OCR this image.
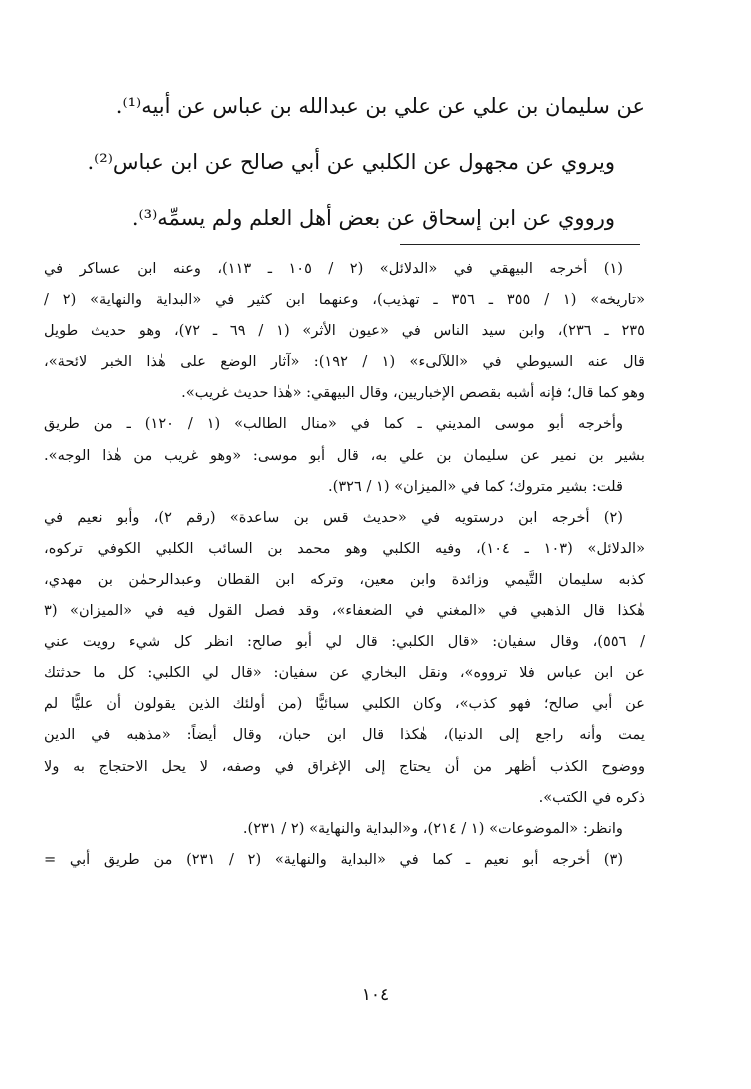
عن سليمان بن علي عن علي بن عبدالله بن عباس عن أبيه⁽¹⁾.

ويروي عن مجهول عن الكلبي عن أبي صالح عن ابن عباس⁽²⁾.

ورووي عن ابن إسحاق عن بعض أهل العلم ولم يسمِّه⁽³⁾.

(١) أخرجه البيهقي في «الدلائل» (٢ / ١٠٥ ـ ١١٣)، وعنه ابن عساكر في

«تاريخه» (١ / ٣٥٥ ـ ٣٥٦ ـ تهذيب)، وعنهما ابن كثير في «البداية والنهاية» (٢ /

٢٣٥ ـ ٢٣٦)، وابن سيد الناس في «عيون الأثر» (١ / ٦٩ ـ ٧٢)، وهو حديث طويل

قال عنه السيوطي في «اللآلىء» (١ / ١٩٢): «آثار الوضع على هٰذا الخبر لائحة»،

وهو كما قال؛ فإنه أشبه بقصص الإخباريين، وقال البيهقي: «هٰذا حديث غريب».

وأخرجه أبو موسى المديني ـ كما في «منال الطالب» (١ / ١٢٠) ـ من طريق

بشير بن نمير عن سليمان بن علي به، قال أبو موسى: «وهو غريب من هٰذا الوجه».

قلت: بشير متروك؛ كما في «الميزان» (١ / ٣٢٦).

(٢) أخرجه ابن درستويه في «حديث قس بن ساعدة» (رقم ٢)، وأبو نعيم في

«الدلائل» (١٠٣ ـ ١٠٤)، وفيه الكلبي وهو محمد بن السائب الكلبي الكوفي تركوه،

كذبه سليمان التَّيمي وزائدة وابن معين، وتركه ابن القطان وعبدالرحمٰن بن مهدي،

هٰكذا قال الذهبي في «المغني في الضعفاء»، وقد فصل القول فيه في «الميزان» (٣

/ ٥٥٦)، وقال سفيان: «قال الكلبي: قال لي أبو صالح: انظر كل شيء رويت عني

عن ابن عباس فلا ترووه»، ونقل البخاري عن سفيان: «قال لي الكلبي: كل ما حدثتك

عن أبي صالح؛ فهو كذب»، وكان الكلبي سبائيًّا (من أولئك الذين يقولون أن عليًّا لم

يمت وأنه راجع إلى الدنيا)، هٰكذا قال ابن حبان، وقال أيضاً: «مذهبه في الدين

ووضوح الكذب أظهر من أن يحتاج إلى الإغراق في وصفه، لا يحل الاحتجاج به ولا

ذكره في الكتب».

وانظر: «الموضوعات» (١ / ٢١٤)، و«البداية والنهاية» (٢ / ٢٣١).

(٣) أخرجه أبو نعيم ـ كما في «البداية والنهاية» (٢ / ٢٣١) من طريق أبي =

١٠٤
